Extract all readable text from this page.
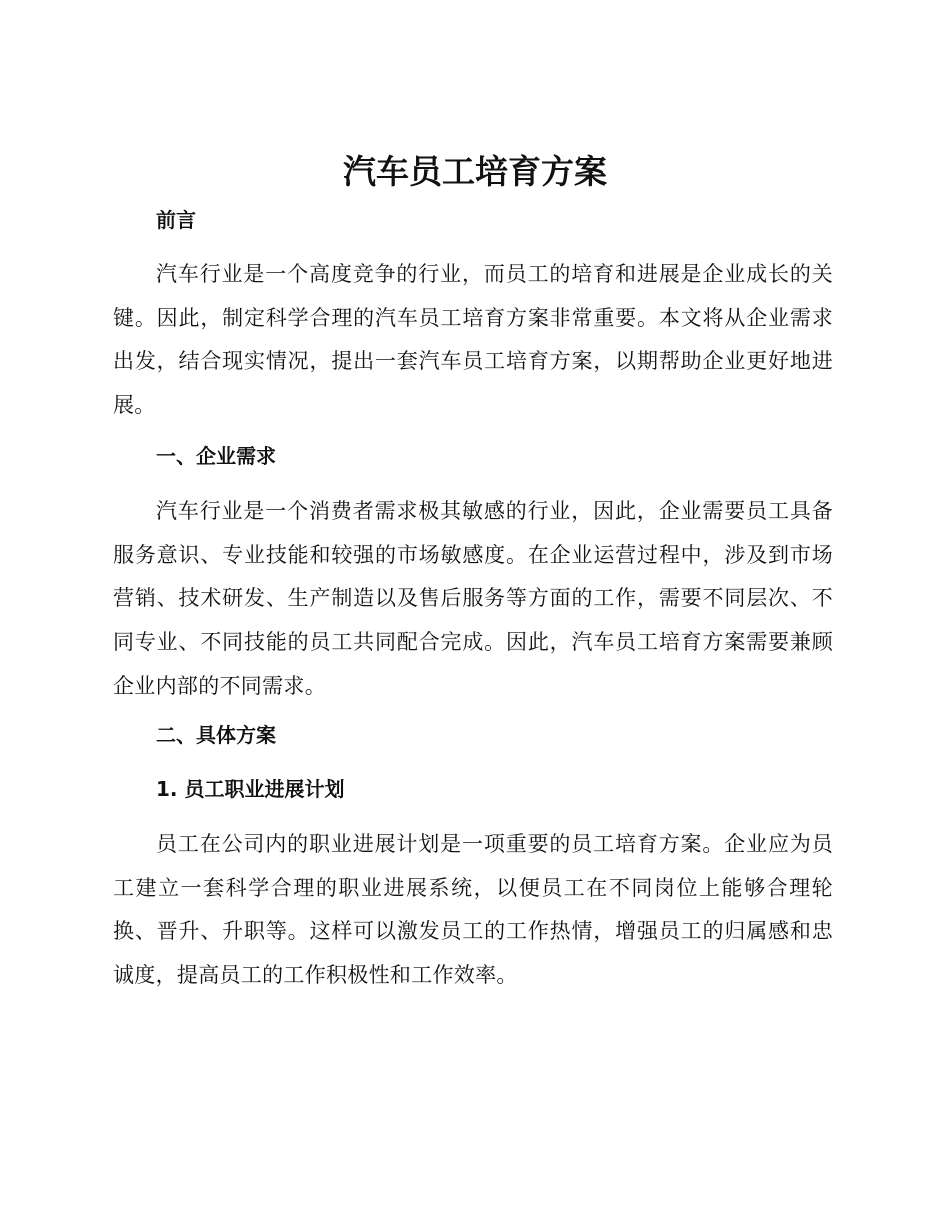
汽车员工培育方案
前言

汽车行业是一个高度竞争的行业，而员工的培育和进展是企业成长的关键。因此，制定科学合理的汽车员工培育方案非常重要。本文将从企业需求出发，结合现实情况，提出一套汽车员工培育方案，以期帮助企业更好地进展。

一、企业需求

汽车行业是一个消费者需求极其敏感的行业，因此，企业需要员工具备服务意识、专业技能和较强的市场敏感度。在企业运营过程中，涉及到市场营销、技术研发、生产制造以及售后服务等方面的工作，需要不同层次、不同专业、不同技能的员工共同配合完成。因此，汽车员工培育方案需要兼顾企业内部的不同需求。

二、具体方案
1. 员工职业进展计划

员工在公司内的职业进展计划是一项重要的员工培育方案。企业应为员工建立一套科学合理的职业进展系统，以便员工在不同岗位上能够合理轮换、晋升、升职等。这样可以激发员工的工作热情，增强员工的归属感和忠诚度，提高员工的工作积极性和工作效率。
